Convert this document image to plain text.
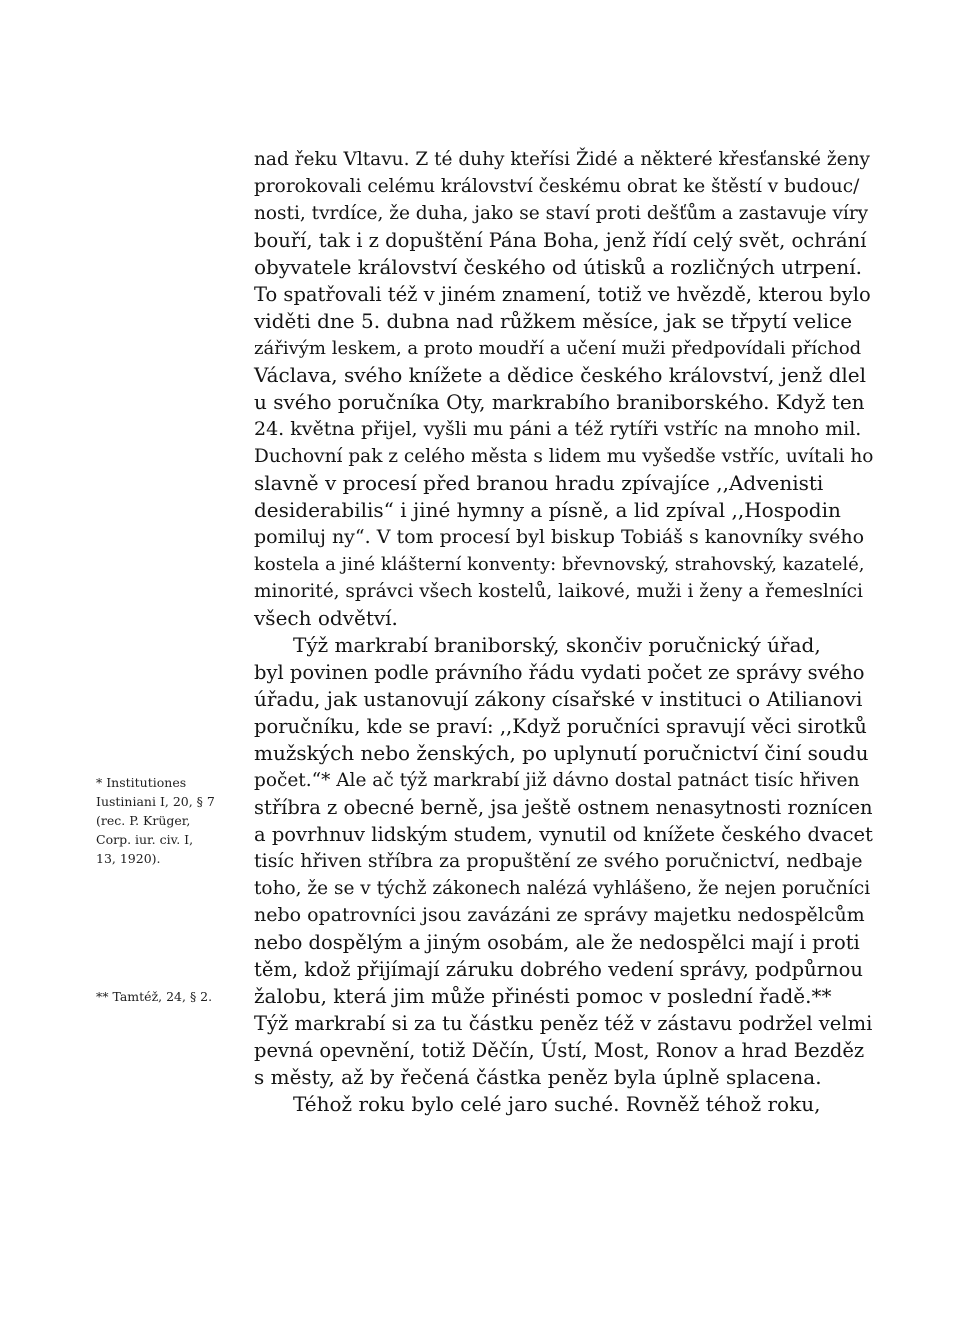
nad řeku Vltavu. Z té duhy kteřísi Židé a některé křesťanské ženy
prorokovali celému království českému obrat ke štěstí v budouc/
nosti, tvrdíce, že duha, jako se staví proti dešťům a zastavuje víry
bouří, tak i z dopuštění Pána Boha, jenž řídí celý svět, ochrání
obyvatele království českého od útisků a rozličných utrpení.
To spatřovali též v jiném znamení, totiž ve hvězdě, kterou bylo
viděti dne 5. dubna nad růžkem měsíce, jak se třpytí velice
zářivým leskem, a proto moudří a učení muži předpovídali příchod
Václava, svého knížete a dědice českého království, jenž dlel
u svého poručníka Oty, markrabího braniborského. Když ten
24. května přijel, vyšli mu páni a též rytíři vstříc na mnoho mil.
Duchovní pak z celého města s lidem mu vyšedše vstříc, uvítali ho
slavně v procesí před branou hradu zpívajíce ,,Advenisti
desiderabilis“ i jiné hymny a písně, a lid zpíval ,,Hospodin
pomiluj ny“. V tom procesí byl biskup Tobiáš s kanovníky svého
kostela a jiné klášterní konventy: břevnovský, strahovský, kazatelé,
minorité, správci všech kostelů, laikové, muži i ženy a řemeslníci
všech odvětví.
Týž markrabí braniborský, skončiv poručnický úřad,
byl povinen podle právního řádu vydati počet ze správy svého
úřadu, jak ustanovují zákony císařské v instituci o Atilianovi
poručníku, kde se praví: ,,Když poručníci spravují věci sirotků
mužských nebo ženských, po uplynutí poručnictví činí soudu
počet.“* Ale ač týž markrabí již dávno dostal patnáct tisíc hřiven
stříbra z obecné berně, jsa ještě ostnem nenasytnosti roznícen
a povrhnuv lidským studem, vynutil od knížete českého dvacet
tisíc hřiven stříbra za propuštění ze svého poručnictví, nedbaje
toho, že se v týchž zákonech nalézá vyhlášeno, že nejen poručníci
nebo opatrovníci jsou zavázáni ze správy majetku nedospělcům
nebo dospělým a jiným osobám, ale že nedospělci mají i proti
těm, kdož přijímají záruku dobrého vedení správy, podpůrnou
žalobu, která jim může přinésti pomoc v poslední řadě.**
Týž markrabí si za tu částku peněz též v zástavu podržel velmi
pevná opevnění, totiž Děčín, Ústí, Most, Ronov a hrad Bezděz
s městy, až by řečená částka peněz byla úplně splacena.
Téhož roku bylo celé jaro suché. Rovněž téhož roku,
* Institutiones
Iustiniani I, 20, § 7
(rec. P. Krüger,
Corp. iur. civ. I,
13, 1920).
** Tamtéž, 24, § 2.
